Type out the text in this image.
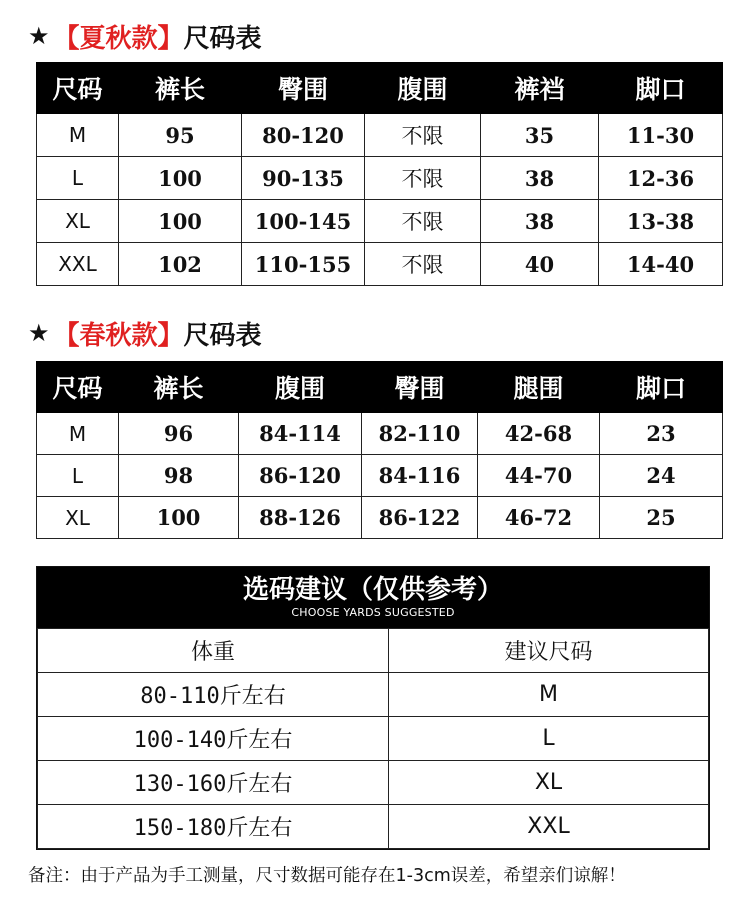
★ 【夏秋款】 尺码表
尺码	裤长	臀围	腹围	裤裆	脚口
M	95	80-120	不限	35	11-30
L	100	90-135	不限	38	12-36
XL	100	100-145	不限	38	13-38
XXL	102	110-155	不限	40	14-40
★ 【春秋款】 尺码表
尺码	裤长	腹围	臀围	腿围	脚口
M	96	84-114	82-110	42-68	23
L	98	86-120	84-116	44-70	24
XL	100	88-126	86-122	46-72	25
选码建议（仅供参考）
CHOOSE YARDS SUGGESTED
体重	建议尺码
80-110斤左右	M
100-140斤左右	L
130-160斤左右	XL
150-180斤左右	XXL
备注：由于产品为手工测量，尺寸数据可能存在1-3cm误差，希望亲们谅解！
